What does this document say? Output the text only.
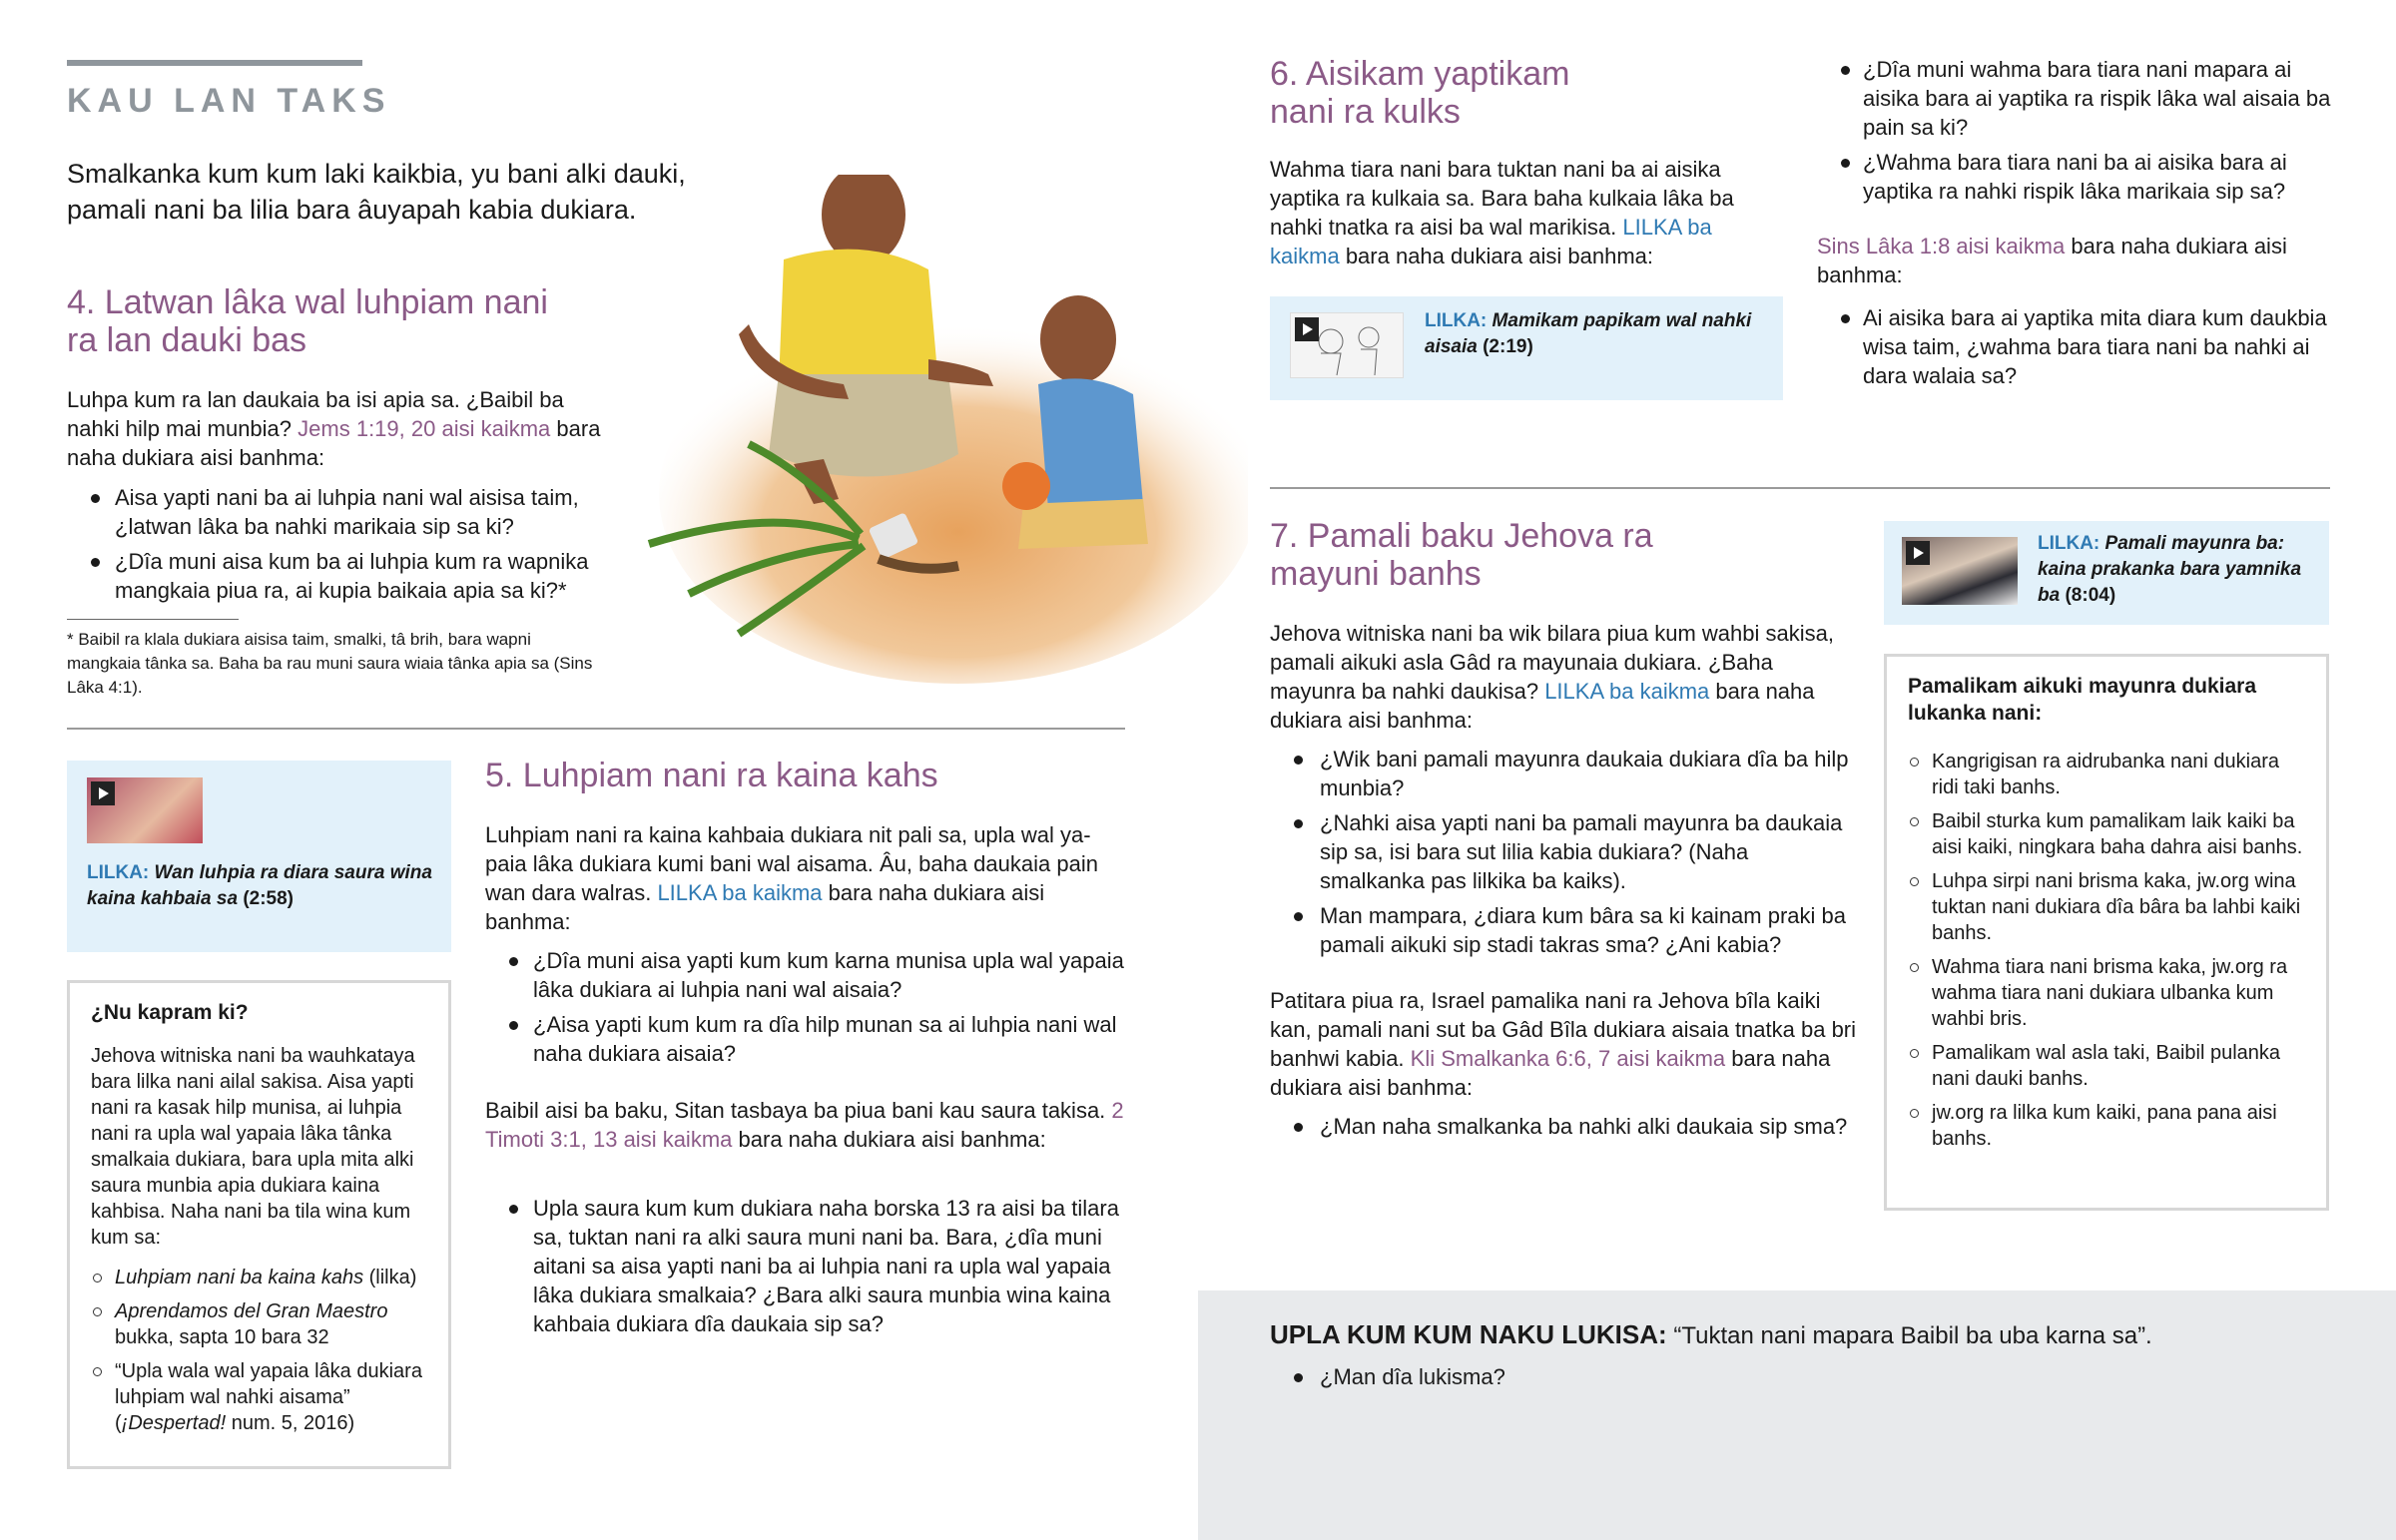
KAU LAN TAKS

Smalkanka kum kum laki kaikbia, yu bani alki dauki, pamali nani ba lilia bara âuyapah kabia dukiara.

4. Latwan lâka wal luhpiam nani
ra lan dauki bas

Luhpa kum ra lan daukaia ba isi apia sa. ¿Baibil ba nahki hilp mai munbia? Jems 1:19, 20 aisi kaikma bara naha dukiara aisi banhma:

Aisa yapti nani ba ai luhpia nani wal aisisa taim, ¿latwan lâka ba nahki marikaia sip sa ki?
¿Dîa muni aisa kum ba ai luhpia kum ra wapnika mangkaia piua ra, ai kupia baikaia apia sa ki?*

* Baibil ra klala dukiara aisisa taim, smalki, tâ brih, bara wapni mangkaia tânka sa. Baha ba rau muni saura wiaia tânka apia sa (Sins Lâka 4:1).

LILKA: Wan luhpia ra diara saura wina kaina kahbaia sa (2:58)
¿Nu kapram ki?

Jehova witniska nani ba wauhkataya bara lilka nani ailal sakisa. Aisa yapti nani ra kasak hilp munisa, ai luhpia nani ra upla wal yapaia lâka tânka smalkaia dukiara, bara upla mita alki saura munbia apia dukiara kaina kahbisa. Naha nani ba tila wina kum kum sa:

Luhpiam nani ba kaina kahs (lilka)
Aprendamos del Gran Maestro bukka, sapta 10 bara 32
“Upla wala wal yapaia lâka dukiara luhpiam wal nahki aisama” (¡Despertad! num. 5, 2016)
5. Luhpiam nani ra kaina kahs

Luhpiam nani ra kaina kahbaia dukiara nit pali sa, upla wal yapaia lâka dukiara kumi bani wal aisama. Âu, baha daukaia pain wan dara walras. LILKA ba kaikma bara naha dukiara aisi banhma:

¿Dîa muni aisa yapti kum kum karna munisa upla wal yapaia lâka dukiara ai luhpia nani wal aisaia?
¿Aisa yapti kum kum ra dîa hilp munan sa ai luhpia nani wal naha dukiara aisaia?

Baibil aisi ba baku, Sitan tasbaya ba piua bani kau saura takisa. 2 Timoti 3:1, 13 aisi kaikma bara naha dukiara aisi banhma:

Upla saura kum kum dukiara naha borska 13 ra aisi ba tilara sa, tuktan nani ra alki saura muni nani ba. Bara, ¿dîa muni aitani sa aisa yapti nani ba ai luhpia nani ra upla wal yapaia lâka dukiara smalkaia? ¿Bara alki saura munbia wina kaina kahbaia dukiara dîa daukaia sip sa?
6. Aisikam yaptikam
nani ra kulks

Wahma tiara nani bara tuktan nani ba ai aisika yaptika ra kulkaia sa. Bara baha kulkaia lâka ba nahki tnatka ra aisi ba wal marikisa. LILKA ba kaikma bara naha dukiara aisi banhma:

LILKA: Mamikam papikam wal nahki aisaia (2:19)
¿Dîa muni wahma bara tiara nani mapara ai aisika bara ai yaptika ra rispik lâka wal aisaia ba pain sa ki?
¿Wahma bara tiara nani ba ai aisika bara ai yaptika ra nahki rispik lâka marikaia sip sa?

Sins Lâka 1:8 aisi kaikma bara naha dukiara aisi banhma:

Ai aisika bara ai yaptika mita diara kum daukbia wisa taim, ¿wahma bara tiara nani ba nahki ai dara walaia sa?
7. Pamali baku Jehova ra
mayuni banhs

Jehova witniska nani ba wik bilara piua kum wahbi sakisa, pamali aikuki asla Gâd ra mayunaia dukiara. ¿Baha mayunra ba nahki daukisa? LILKA ba kaikma bara naha dukiara aisi banhma:

¿Wik bani pamali mayunra daukaia dukiara dîa ba hilp munbia?
¿Nahki aisa yapti nani ba pamali mayunra ba daukaia sip sa, isi bara sut lilia kabia dukiara? (Naha smalkanka pas lilkika ba kaiks).
Man mampara, ¿diara kum bâra sa ki kainam praki ba pamali aikuki sip stadi takras sma? ¿Ani kabia?

Patitara piua ra, Israel pamalika nani ra Jehova bîla kaiki kan, pamali nani sut ba Gâd Bîla dukiara aisaia tnatka ba bri banhwi kabia. Kli Smalkanka 6:6, 7 aisi kaikma bara naha dukiara aisi banhma:

¿Man naha smalkanka ba nahki alki daukaia sip sma?
LILKA: Pamali mayunra ba: kaina prakanka bara yamnika ba (8:04)
Pamalikam aikuki mayunra dukiara lukanka nani:
Kangrigisan ra aidrubanka nani dukiara ridi taki banhs.
Baibil sturka kum pamalikam laik kaiki ba aisi kaiki, ningkara baha dahra aisi banhs.
Luhpa sirpi nani brisma kaka, jw.org wina tuktan nani dukiara dîa bâra ba lahbi kaiki banhs.
Wahma tiara nani brisma kaka, jw.org ra wahma tiara nani dukiara ulbanka kum wahbi bris.
Pamalikam wal asla taki, Baibil pulanka nani dauki banhs.
jw.org ra lilka kum kaiki, pana pana aisi banhs.
UPLA KUM KUM NAKU LUKISA: “Tuktan nani mapara Baibil ba uba karna sa”.
¿Man dîa lukisma?
